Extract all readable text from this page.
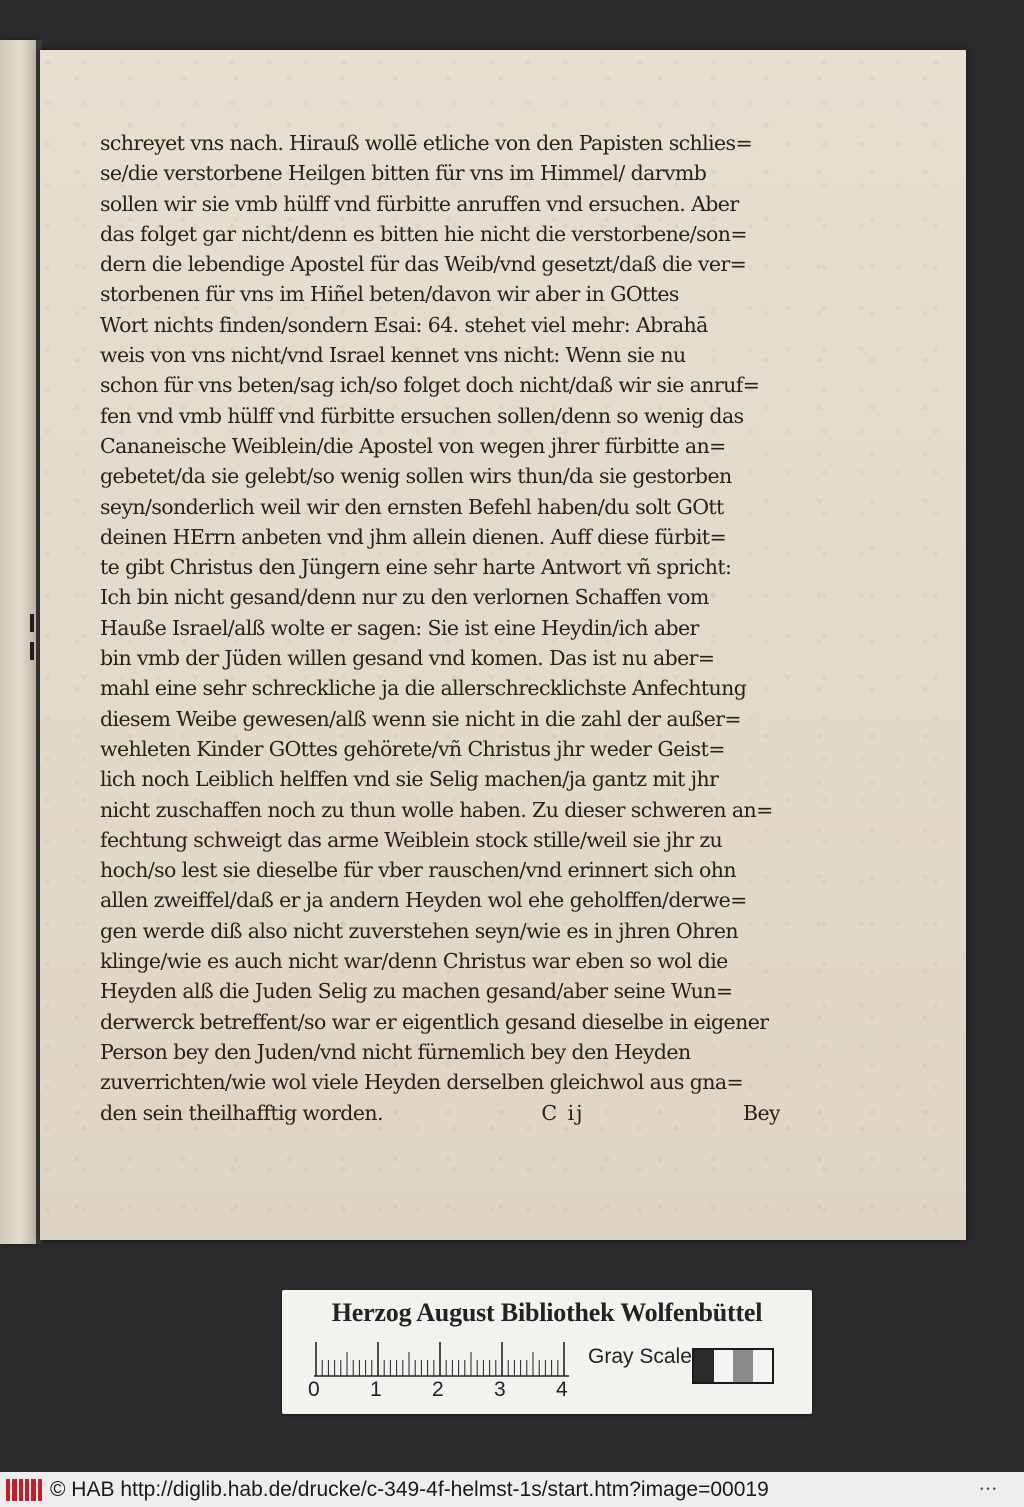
schreyet vns nach. Hirauß wollē etliche von den Papisten schlies=
se/die verstorbene Heilgen bitten für vns im Himmel/ darvmb
sollen wir sie vmb hülff vnd fürbitte anruffen vnd ersuchen. Aber
das folget gar nicht/denn es bitten hie nicht die verstorbene/son=
dern die lebendige Apostel für das Weib/vnd gesetzt/daß die ver=
storbenen für vns im Hiñel beten/davon wir aber in GOttes
Wort nichts finden/sondern Esai: 64. stehet viel mehr: Abrahā
weis von vns nicht/vnd Israel kennet vns nicht: Wenn sie nu
schon für vns beten/sag ich/so folget doch nicht/daß wir sie anruf=
fen vnd vmb hülff vnd fürbitte ersuchen sollen/denn so wenig das
Cananeische Weiblein/die Apostel von wegen jhrer fürbitte an=
gebetet/da sie gelebt/so wenig sollen wirs thun/da sie gestorben
seyn/sonderlich weil wir den ernsten Befehl haben/du solt GOtt
deinen HErrn anbeten vnd jhm allein dienen. Auff diese fürbit=
te gibt Christus den Jüngern eine sehr harte Antwort vñ spricht:
Ich bin nicht gesand/denn nur zu den verlornen Schaffen vom
Hauße Israel/alß wolte er sagen: Sie ist eine Heydin/ich aber
bin vmb der Jüden willen gesand vnd komen. Das ist nu aber=
mahl eine sehr schreckliche ja die allerschrecklichste Anfechtung
diesem Weibe gewesen/alß wenn sie nicht in die zahl der außer=
wehleten Kinder GOttes gehörete/vñ Christus jhr weder Geist=
lich noch Leiblich helffen vnd sie Selig machen/ja gantz mit jhr
nicht zuschaffen noch zu thun wolle haben. Zu dieser schweren an=
fechtung schweigt das arme Weiblein stock stille/weil sie jhr zu
hoch/so lest sie dieselbe für vber rauschen/vnd erinnert sich ohn
allen zweiffel/daß er ja andern Heyden wol ehe geholffen/derwe=
gen werde diß also nicht zuverstehen seyn/wie es in jhren Ohren
klinge/wie es auch nicht war/denn Christus war eben so wol die
Heyden alß die Juden Selig zu machen gesand/aber seine Wun=
derwerck betreffent/so war er eigentlich gesand dieselbe in eigener
Person bey den Juden/vnd nicht fürnemlich bey den Heyden
zuverrichten/wie wol viele Heyden derselben gleichwol aus gna=
den sein theilhafftig worden.	C ij	Bey
Herzog August Bibliothek Wolfenbüttel
0 1 2 3 4
Gray Scale
© HAB http://diglib.hab.de/drucke/c-349-4f-helmst-1s/start.htm?image=00019	•••
